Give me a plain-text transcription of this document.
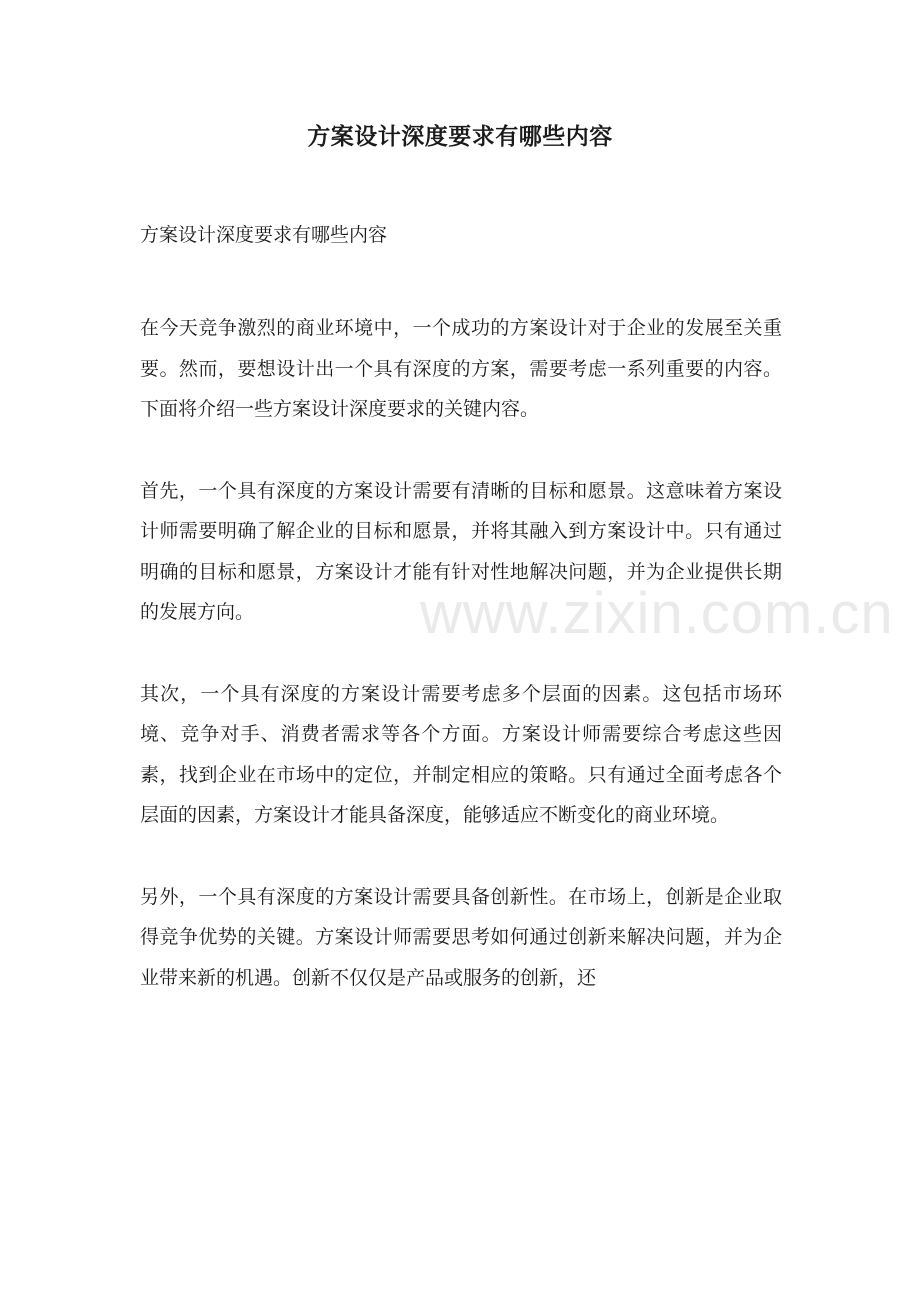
方案设计深度要求有哪些内容

方案设计深度要求有哪些内容

在今天竞争激烈的商业环境中，一个成功的方案设计对于企业的发展至关重要。然而，要想设计出一个具有深度的方案，需要考虑一系列重要的内容。下面将介绍一些方案设计深度要求的关键内容。

首先，一个具有深度的方案设计需要有清晰的目标和愿景。这意味着方案设计师需要明确了解企业的目标和愿景，并将其融入到方案设计中。只有通过明确的目标和愿景，方案设计才能有针对性地解决问题，并为企业提供长期的发展方向。

其次，一个具有深度的方案设计需要考虑多个层面的因素。这包括市场环境、竞争对手、消费者需求等各个方面。方案设计师需要综合考虑这些因素，找到企业在市场中的定位，并制定相应的策略。只有通过全面考虑各个层面的因素，方案设计才能具备深度，能够适应不断变化的商业环境。

另外，一个具有深度的方案设计需要具备创新性。在市场上，创新是企业取得竞争优势的关键。方案设计师需要思考如何通过创新来解决问题，并为企业带来新的机遇。创新不仅仅是产品或服务的创新，还

www.zixin.com.cn
